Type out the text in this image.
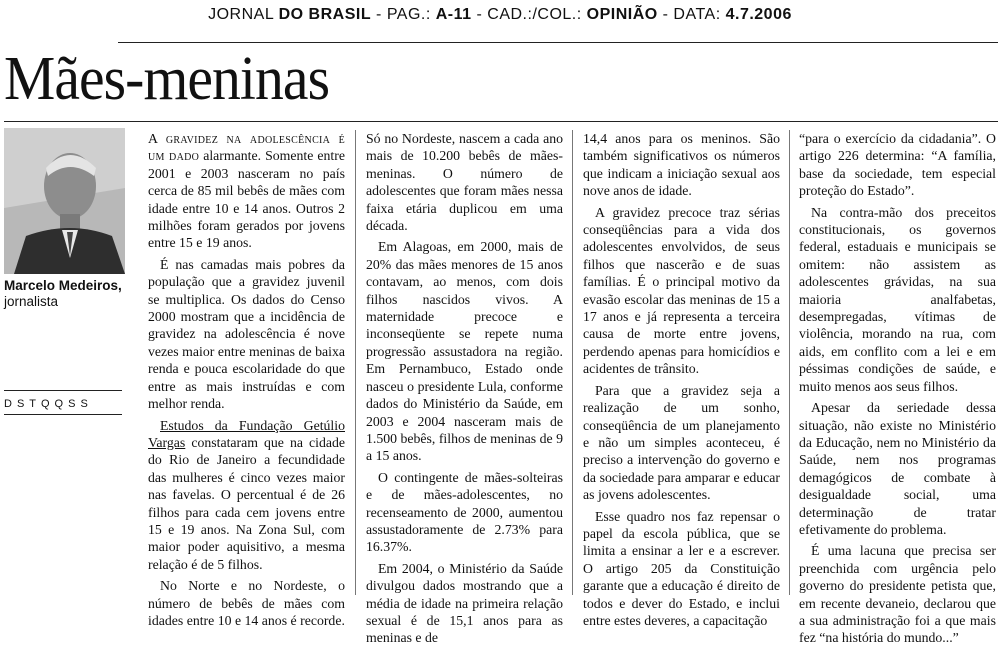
JORNAL DO BRASIL - PAG.: A-11 - CAD.:/COL.: OPINIÃO - DATA: 4.7.2006
Mães-meninas
Marcelo Medeiros,
jornalista
DSTQQSS

A gravidez na adolescência é um dado alarmante. Somente entre 2001 e 2003 nasceram no país cerca de 85 mil bebês de mães com idade entre 10 e 14 anos. Outros 2 milhões foram gerados por jovens entre 15 e 19 anos.

É nas camadas mais pobres da população que a gravidez juvenil se multiplica. Os dados do Censo 2000 mostram que a incidência de gravidez na adolescência é nove vezes maior entre meninas de baixa renda e pouca escolaridade do que entre as mais instruídas e com melhor renda.

Estudos da Fundação Getúlio Vargas constataram que na cidade do Rio de Janeiro a fecundidade das mulheres é cinco vezes maior nas favelas. O percentual é de 26 filhos para cada cem jovens entre 15 e 19 anos. Na Zona Sul, com maior poder aquisitivo, a mesma relação é de 5 filhos.

No Norte e no Nordeste, o número de bebês de mães com idades entre 10 e 14 anos é recorde.

Só no Nordeste, nascem a cada ano mais de 10.200 bebês de mães-meninas. O número de adolescentes que foram mães nessa faixa etária duplicou em uma década.

Em Alagoas, em 2000, mais de 20% das mães menores de 15 anos contavam, ao menos, com dois filhos nascidos vivos. A maternidade precoce e inconseqüente se repete numa progressão assustadora na região. Em Pernambuco, Estado onde nasceu o presidente Lula, conforme dados do Ministério da Saúde, em 2003 e 2004 nasceram mais de 1.500 bebês, filhos de meninas de 9 a 15 anos.

O contingente de mães-solteiras e de mães-adolescentes, no recenseamento de 2000, aumentou assustadoramente de 2.73% para 16.37%.

Em 2004, o Ministério da Saúde divulgou dados mostrando que a média de idade na primeira relação sexual é de 15,1 anos para as meninas e de

14,4 anos para os meninos. São também significativos os números que indicam a iniciação sexual aos nove anos de idade.

A gravidez precoce traz sérias conseqüências para a vida dos adolescentes envolvidos, de seus filhos que nascerão e de suas famílias. É o principal motivo da evasão escolar das meninas de 15 a 17 anos e já representa a terceira causa de morte entre jovens, perdendo apenas para homicídios e acidentes de trânsito.

Para que a gravidez seja a realização de um sonho, conseqüência de um planejamento e não um simples aconteceu, é preciso a intervenção do governo e da sociedade para amparar e educar as jovens adolescentes.

Esse quadro nos faz repensar o papel da escola pública, que se limita a ensinar a ler e a escrever. O artigo 205 da Constituição garante que a educação é direito de todos e dever do Estado, e inclui entre estes deveres, a capacitação

“para o exercício da cidadania”. O artigo 226 determina: “A família, base da sociedade, tem especial proteção do Estado”.

Na contra-mão dos preceitos constitucionais, os governos federal, estaduais e municipais se omitem: não assistem as adolescentes grávidas, na sua maioria analfabetas, desempregadas, vítimas de violência, morando na rua, com aids, em conflito com a lei e em péssimas condições de saúde, e muito menos aos seus filhos.

Apesar da seriedade dessa situação, não existe no Ministério da Educação, nem no Ministério da Saúde, nem nos programas demagógicos de combate à desigualdade social, uma determinação de tratar efetivamente do problema.

É uma lacuna que precisa ser preenchida com urgência pelo governo do presidente petista que, em recente devaneio, declarou que a sua administração foi a que mais fez “na história do mundo...”
